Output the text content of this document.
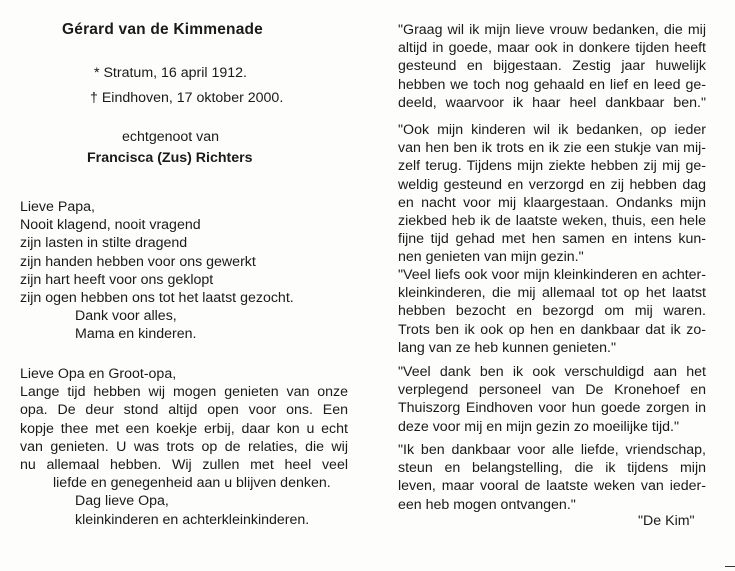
Gérard van de Kimmenade
* Stratum, 16 april 1912.
† Eindhoven, 17 oktober 2000.
echtgenoot van
Francisca (Zus) Richters
Lieve Papa,
Nooit klagend, nooit vragend
zijn lasten in stilte dragend
zijn handen hebben voor ons gewerkt
zijn hart heeft voor ons geklopt
zijn ogen hebben ons tot het laatst gezocht.
Dank voor alles,
Mama en kinderen.
Lieve Opa en Groot-opa,
Lange tijd hebben wij mogen genieten van onze
opa. De deur stond altijd open voor ons. Een
kopje thee met een koekje erbij, daar kon u echt
van genieten. U was trots op de relaties, die wij
nu allemaal hebben. Wij zullen met heel veel
liefde en genegenheid aan u blijven denken.
Dag lieve Opa,
kleinkinderen en achterkleinkinderen.
"Graag wil ik mijn lieve vrouw bedanken, die mij
altijd in goede, maar ook in donkere tijden heeft
gesteund en bijgestaan. Zestig jaar huwelijk
hebben we toch nog gehaald en lief en leed ge-
deeld, waarvoor ik haar heel dankbaar ben."
"Ook mijn kinderen wil ik bedanken, op ieder
van hen ben ik trots en ik zie een stukje van mij-
zelf terug. Tijdens mijn ziekte hebben zij mij ge-
weldig gesteund en verzorgd en zij hebben dag
en nacht voor mij klaargestaan. Ondanks mijn
ziekbed heb ik de laatste weken, thuis, een hele
fijne tijd gehad met hen samen en intens kun-
nen genieten van mijn gezin."
"Veel liefs ook voor mijn kleinkinderen en achter-
kleinkinderen, die mij allemaal tot op het laatst
hebben bezocht en bezorgd om mij waren.
Trots ben ik ook op hen en dankbaar dat ik zo-
lang van ze heb kunnen genieten."
"Veel dank ben ik ook verschuldigd aan het
verplegend personeel van De Kronehoef en
Thuiszorg Eindhoven voor hun goede zorgen in
deze voor mij en mijn gezin zo moeilijke tijd."
"Ik ben dankbaar voor alle liefde, vriendschap,
steun en belangstelling, die ik tijdens mijn
leven, maar vooral de laatste weken van ieder-
een heb mogen ontvangen."
"De Kim"
